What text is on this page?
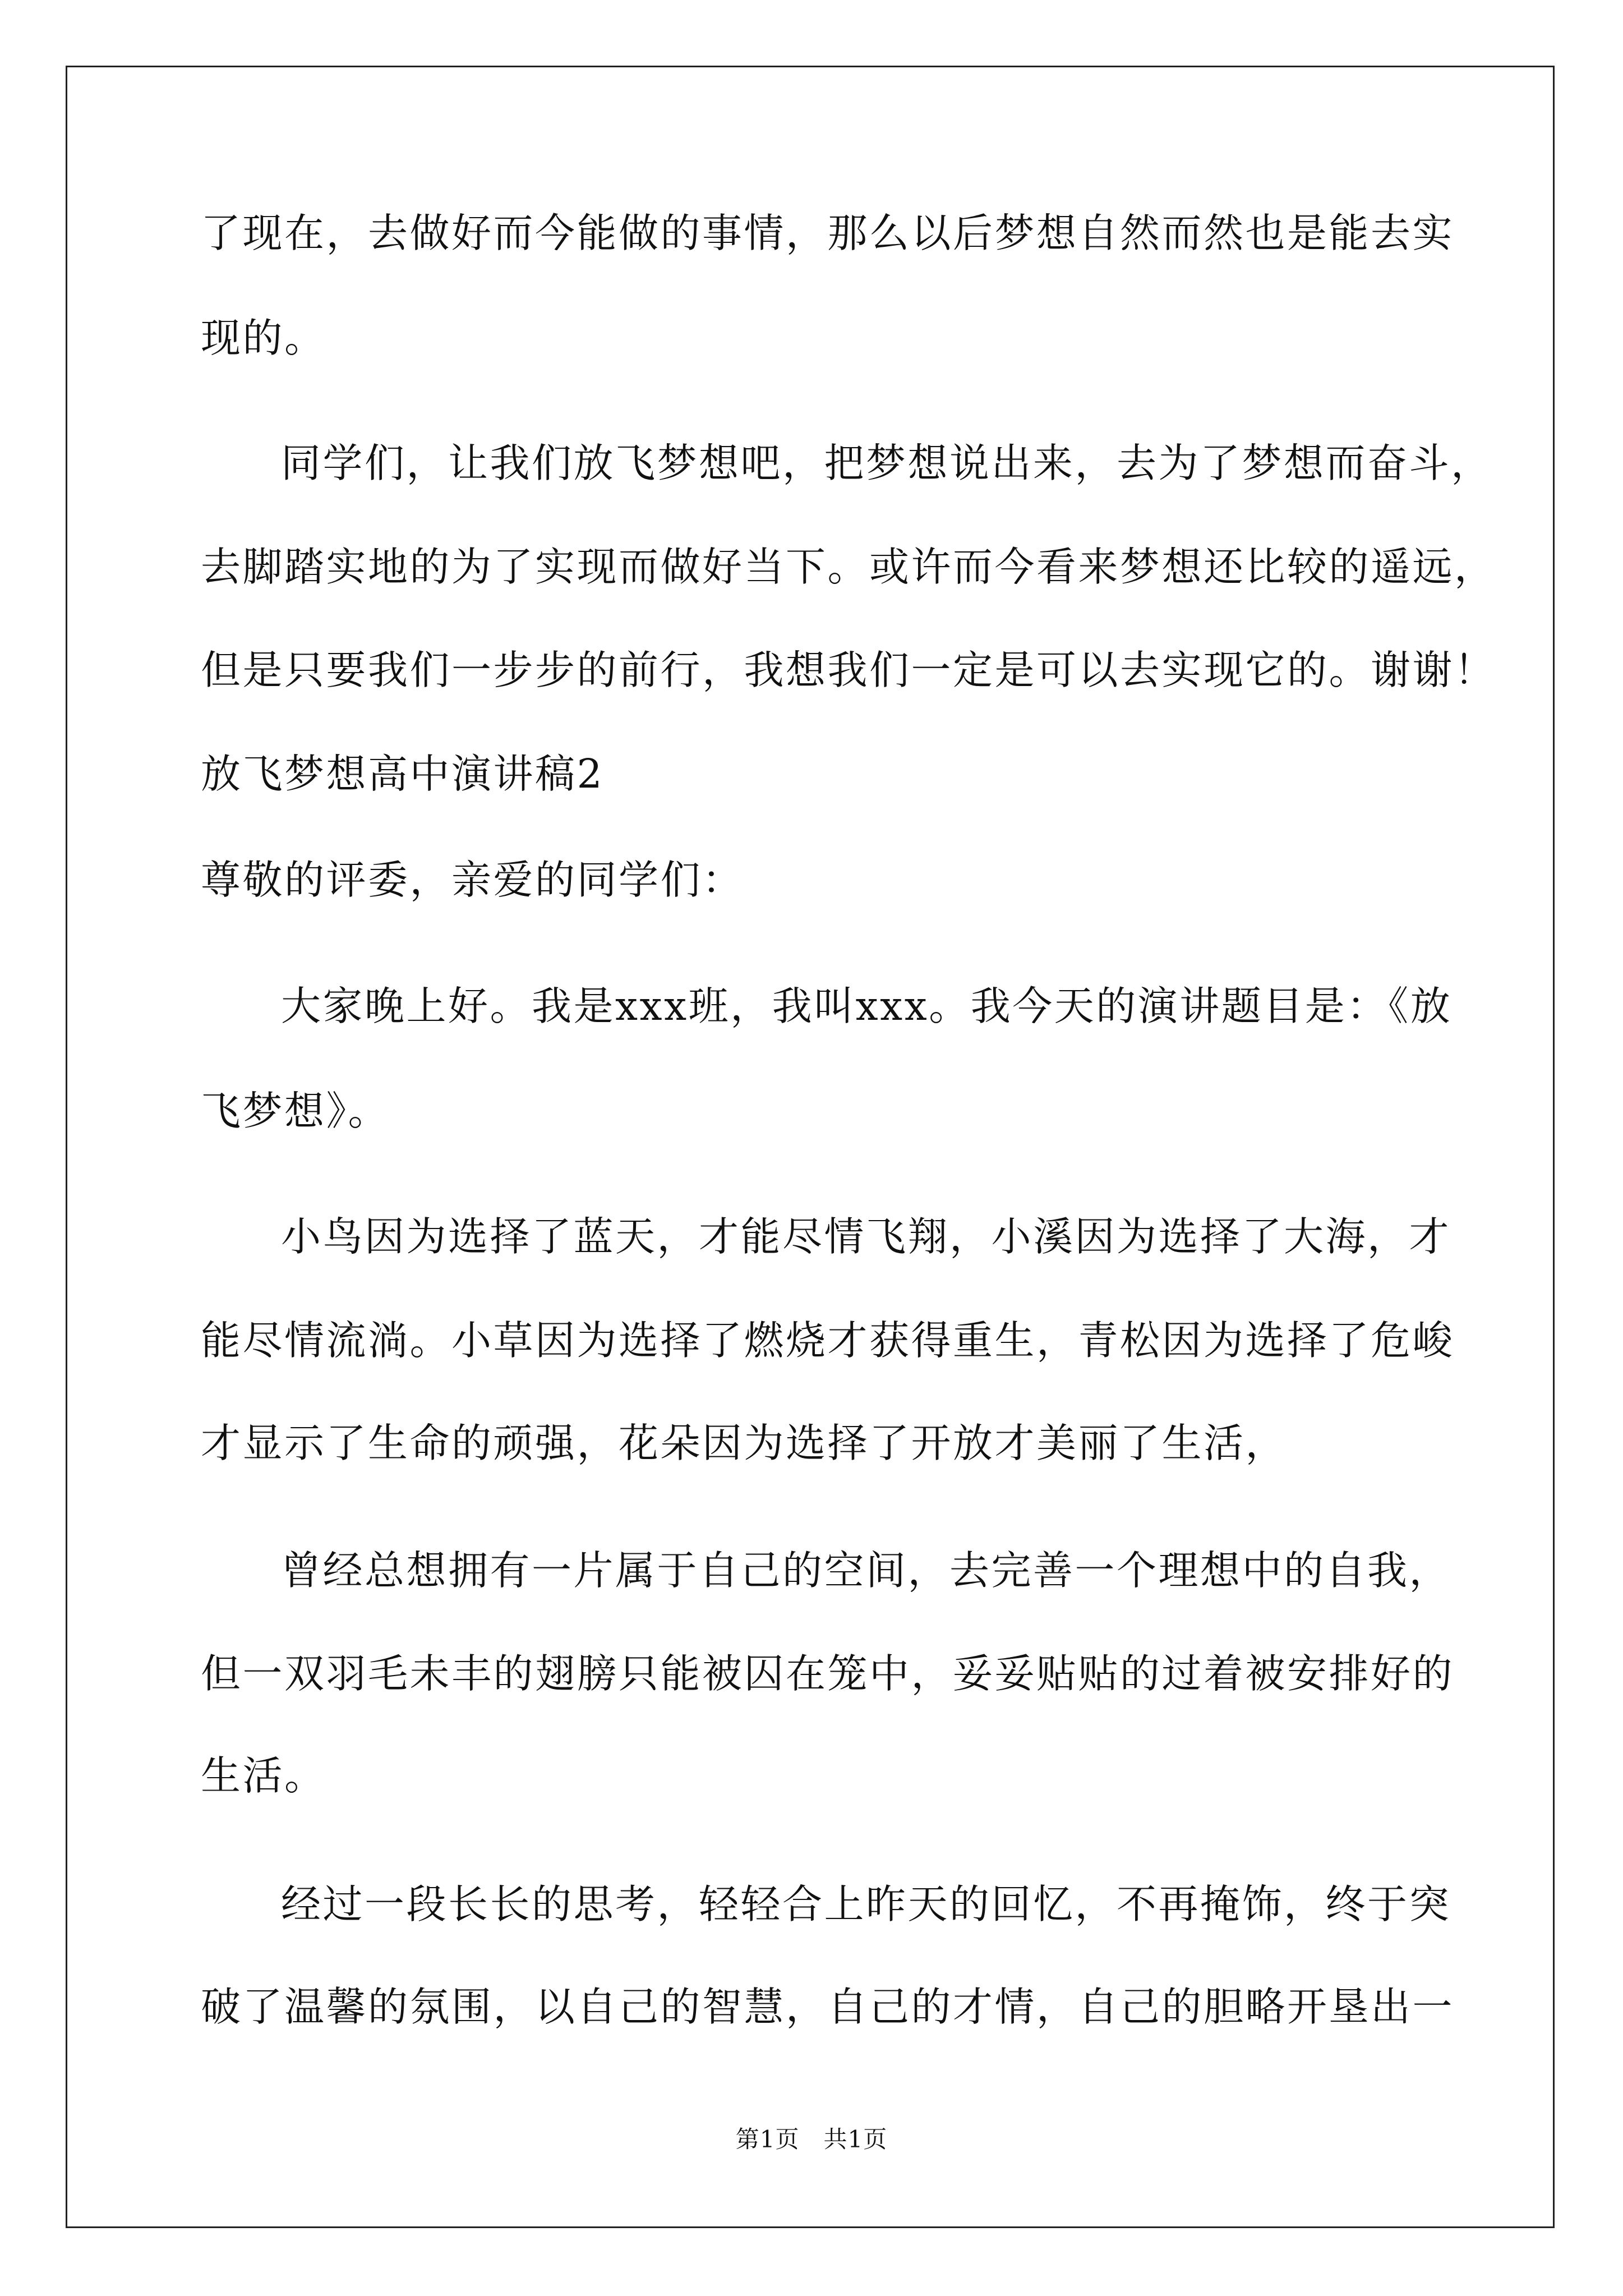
了现在，去做好而今能做的事情，那么以后梦想自然而然也是能去实
现的。
同学们，让我们放飞梦想吧，把梦想说出来，去为了梦想而奋斗，
去脚踏实地的为了实现而做好当下。或许而今看来梦想还比较的遥远，
但是只要我们一步步的前行，我想我们一定是可以去实现它的。谢谢！
放飞梦想高中演讲稿2
尊敬的评委，亲爱的同学们：
大家晚上好。我是xxx班，我叫xxx。我今天的演讲题目是：《放
飞梦想》。
小鸟因为选择了蓝天，才能尽情飞翔，小溪因为选择了大海，才
能尽情流淌。小草因为选择了燃烧才获得重生，青松因为选择了危峻
才显示了生命的顽强，花朵因为选择了开放才美丽了生活，
曾经总想拥有一片属于自己的空间，去完善一个理想中的自我，
但一双羽毛未丰的翅膀只能被囚在笼中，妥妥贴贴的过着被安排好的
生活。
经过一段长长的思考，轻轻合上昨天的回忆，不再掩饰，终于突
破了温馨的氛围，以自己的智慧，自己的才情，自己的胆略开垦出一
第1页　共1页
